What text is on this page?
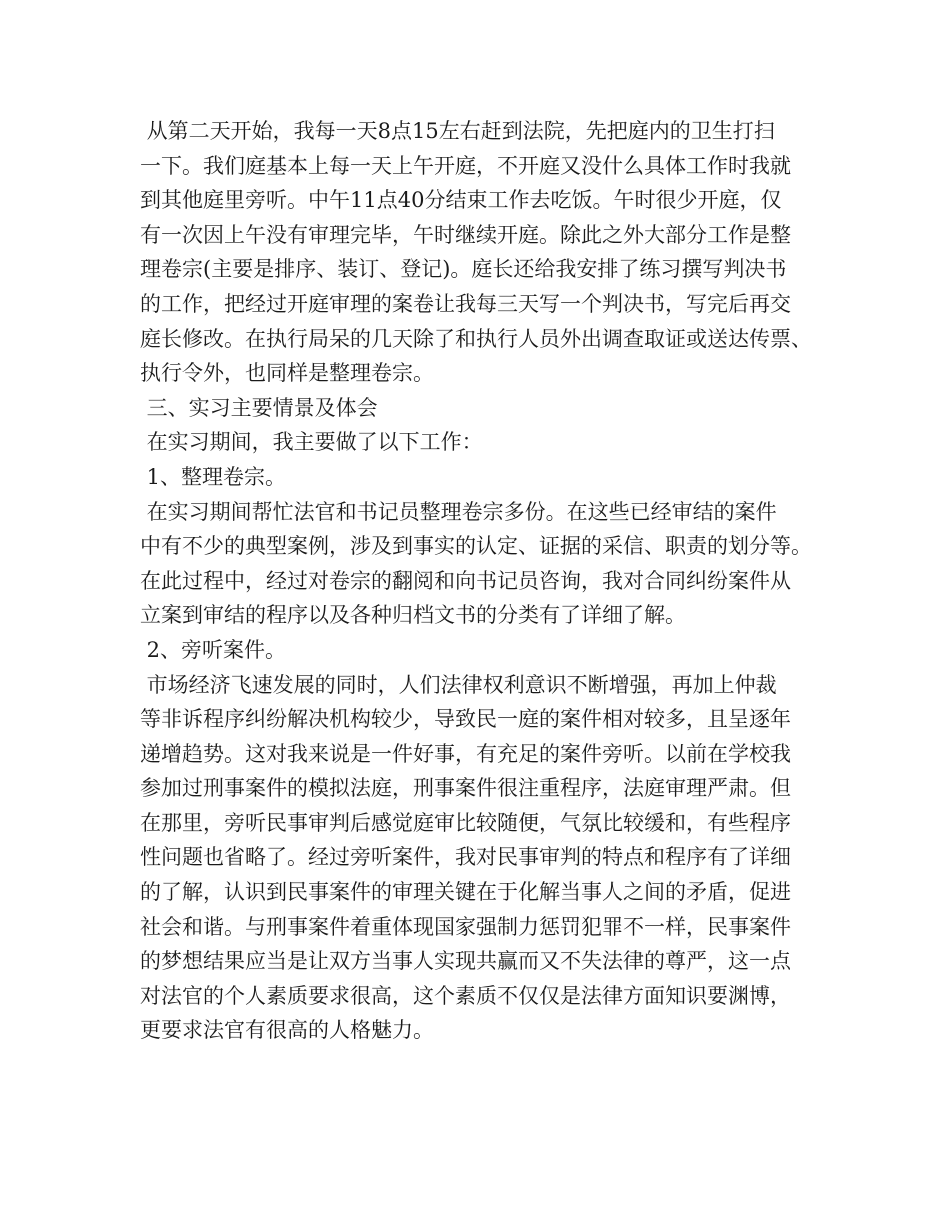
从第二天开始，我每一天8点15左右赶到法院，先把庭内的卫生打扫
一下。我们庭基本上每一天上午开庭，不开庭又没什么具体工作时我就
到其他庭里旁听。中午11点40分结束工作去吃饭。午时很少开庭，仅
有一次因上午没有审理完毕，午时继续开庭。除此之外大部分工作是整
理卷宗(主要是排序、装订、登记)。庭长还给我安排了练习撰写判决书
的工作，把经过开庭审理的案卷让我每三天写一个判决书，写完后再交
庭长修改。在执行局呆的几天除了和执行人员外出调查取证或送达传票、
执行令外，也同样是整理卷宗。
三、实习主要情景及体会
在实习期间，我主要做了以下工作：
1、整理卷宗。
在实习期间帮忙法官和书记员整理卷宗多份。在这些已经审结的案件
中有不少的典型案例，涉及到事实的认定、证据的采信、职责的划分等。
在此过程中，经过对卷宗的翻阅和向书记员咨询，我对合同纠纷案件从
立案到审结的程序以及各种归档文书的分类有了详细了解。
2、旁听案件。
市场经济飞速发展的同时，人们法律权利意识不断增强，再加上仲裁
等非诉程序纠纷解决机构较少，导致民一庭的案件相对较多，且呈逐年
递增趋势。这对我来说是一件好事，有充足的案件旁听。以前在学校我
参加过刑事案件的模拟法庭，刑事案件很注重程序，法庭审理严肃。但
在那里，旁听民事审判后感觉庭审比较随便，气氛比较缓和，有些程序
性问题也省略了。经过旁听案件，我对民事审判的特点和程序有了详细
的了解，认识到民事案件的审理关键在于化解当事人之间的矛盾，促进
社会和谐。与刑事案件着重体现国家强制力惩罚犯罪不一样，民事案件
的梦想结果应当是让双方当事人实现共赢而又不失法律的尊严，这一点
对法官的个人素质要求很高，这个素质不仅仅是法律方面知识要渊博，
更要求法官有很高的人格魅力。
